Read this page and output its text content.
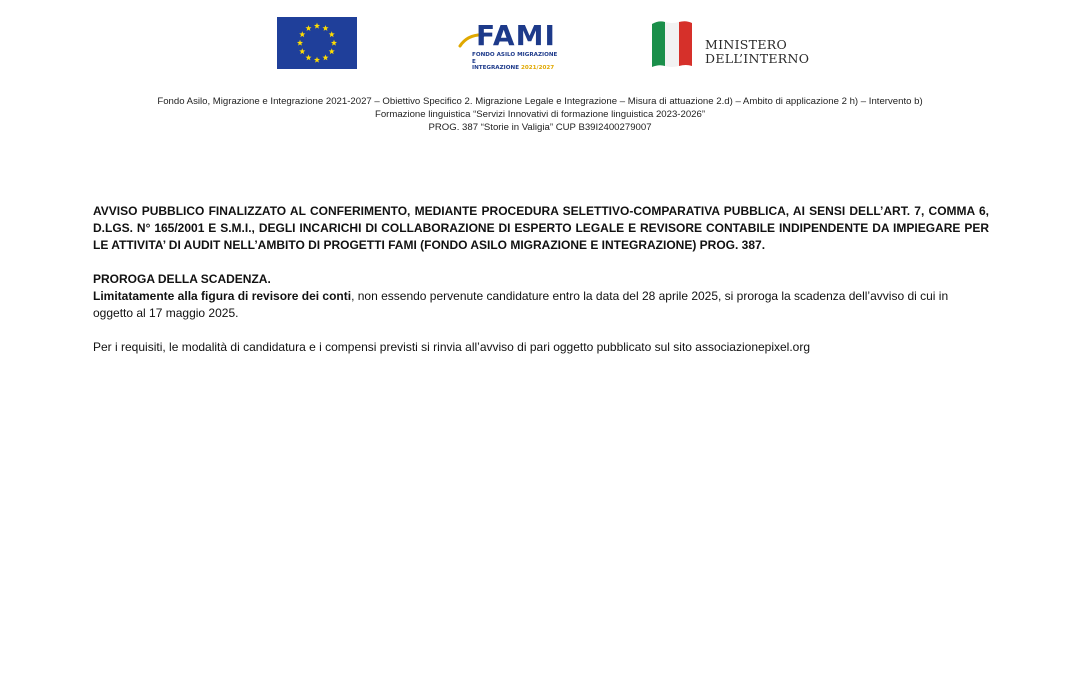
FAMI
FONDO ASILO MIGRAZIONE E
INTEGRAZIONE 2021/2027
MINISTERO
DELL’INTERNO
Fondo Asilo, Migrazione e Integrazione 2021-2027 – Obiettivo Specifico 2. Migrazione Legale e Integrazione – Misura di attuazione 2.d) – Ambito di applicazione 2 h) – Intervento b)
Formazione linguistica “Servizi Innovativi di formazione linguistica 2023-2026”
PROG. 387 “Storie in Valigia” CUP B39I2400279007

AVVISO PUBBLICO FINALIZZATO AL CONFERIMENTO, MEDIANTE PROCEDURA SELETTIVO-COMPARATIVA PUBBLICA, AI SENSI DELL’ART. 7, COMMA 6, D.LGS. N° 165/2001 E S.M.I., DEGLI INCARICHI DI COLLABORAZIONE DI ESPERTO LEGALE E REVISORE CONTABILE INDIPENDENTE DA IMPIEGARE PER LE ATTIVITA’ DI AUDIT NELL’AMBITO DI PROGETTI FAMI (FONDO ASILO MIGRAZIONE E INTEGRAZIONE) PROG. 387.

PROROGA DELLA SCADENZA.

Limitatamente alla figura di revisore dei conti, non essendo pervenute candidature entro la data del 28 aprile 2025, si proroga la scadenza dell’avviso di cui in oggetto al 17 maggio 2025.

Per i requisiti, le modalità di candidatura e i compensi previsti si rinvia all’avviso di pari oggetto pubblicato sul sito associazionepixel.org
